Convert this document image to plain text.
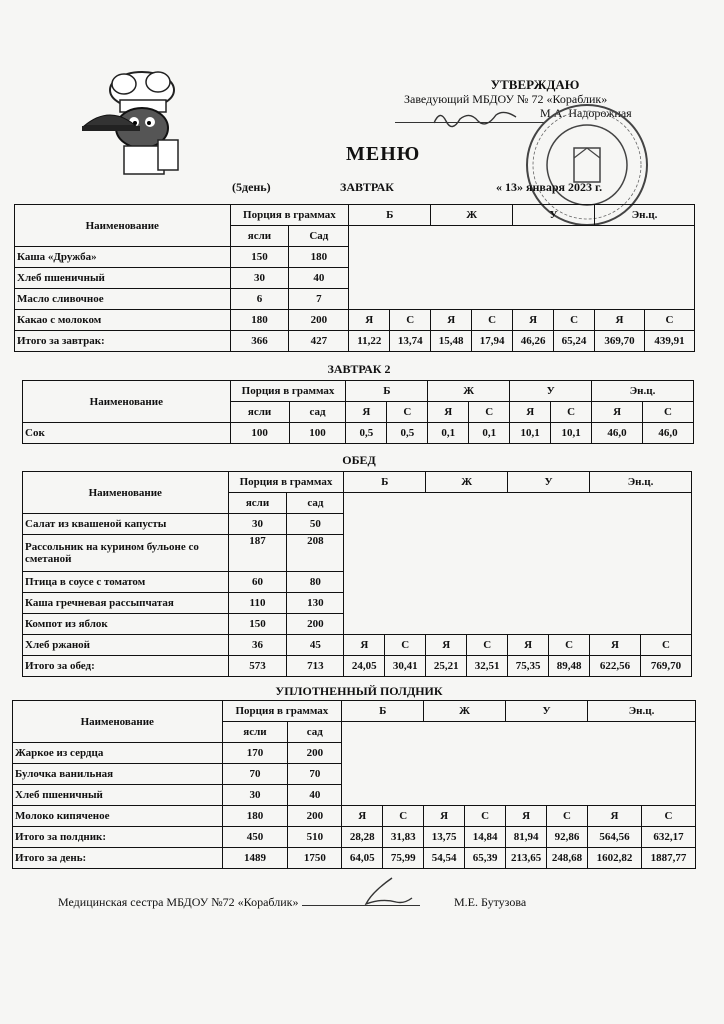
УТВЕРЖДАЮ
Заведующий МБДОУ № 72 «Кораблик»
М.А. Надорожная
МЕНЮ
(5день)	ЗАВТРАК	« 13» января 2023 г.
Наименование	Порция в граммах		Б		Ж		У		Эн.ц.	
	ясли	Сад								
Каша «Дружба»	150	180								
Хлеб пшеничный	30	40								
Масло сливочное	6	7								
Какао с молоком	180	200	Я	С	Я	С	Я	С	Я	С
Итого за завтрак:	366	427	11,22	13,74	15,48	17,94	46,26	65,24	369,70	439,91
ЗАВТРАК 2
Наименование	Порция в граммах		Б		Ж		У		Эн.ц.	
	ясли	сад	Я	С	Я	С	Я	С	Я	С
Сок	100	100	0,5	0,5	0,1	0,1	10,1	10,1	46,0	46,0
ОБЕД
Наименование	Порция в граммах		Б		Ж		У		Эн.ц.	
	ясли	сад								
Салат из квашеной капусты	30	50								
Рассольник на курином бульоне со сметаной	187	208								
Птица в соусе с томатом	60	80								
Каша гречневая рассыпчатая	110	130								
Компот из яблок	150	200								
Хлеб ржаной	36	45	Я	С	Я	С	Я	С	Я	С
Итого за обед:	573	713	24,05	30,41	25,21	32,51	75,35	89,48	622,56	769,70
УПЛОТНЕННЫЙ ПОЛДНИК
Наименование	Порция в граммах		Б		Ж		У		Эн.ц.	
	ясли	сад								
Жаркое из сердца	170	200								
Булочка ванильная	70	70								
Хлеб пшеничный	30	40								
Молоко кипяченое	180	200	Я	С	Я	С	Я	С	Я	С
Итого за полдник:	450	510	28,28	31,83	13,75	14,84	81,94	92,86	564,56	632,17
Итого за день:	1489	1750	64,05	75,99	54,54	65,39	213,65	248,68	1602,82	1887,77
Медицинская сестра МБДОУ №72 «Кораблик»	М.Е. Бутузова
